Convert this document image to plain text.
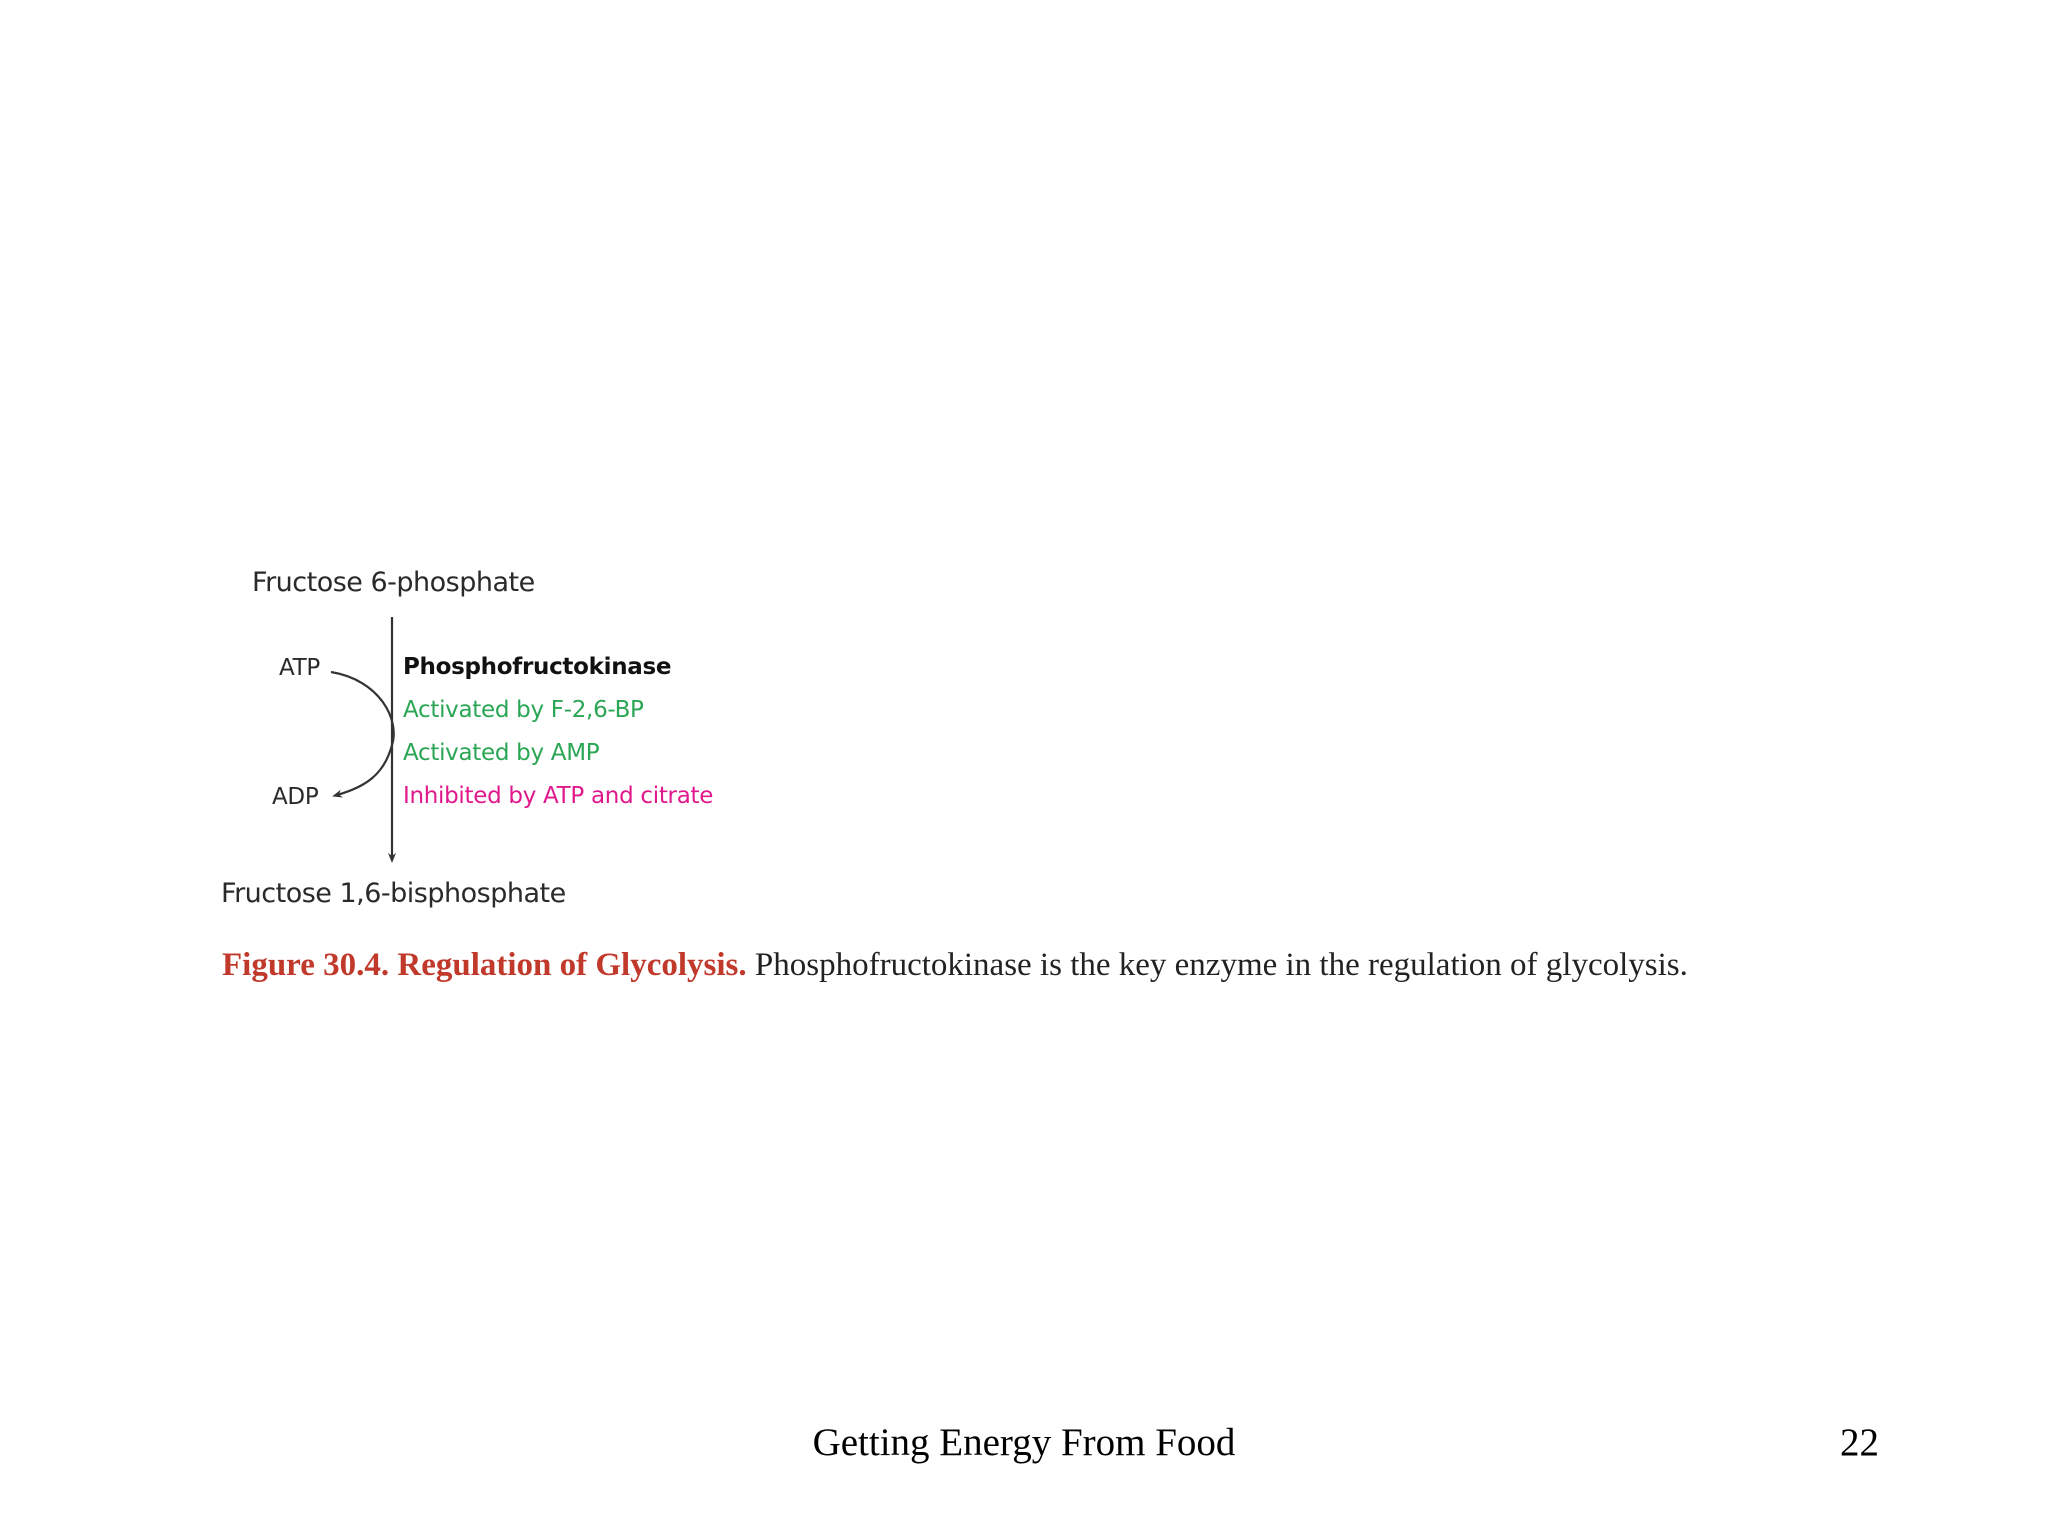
Fructose 6-phosphate
ATP
ADP
Phosphofructokinase
Activated by F-2,6-BP
Activated by AMP
Inhibited by ATP and citrate
Fructose 1,6-bisphosphate
Figure 30.4. Regulation of Glycolysis. Phosphofructokinase is the key enzyme in the regulation of glycolysis.
Getting Energy From Food	22
